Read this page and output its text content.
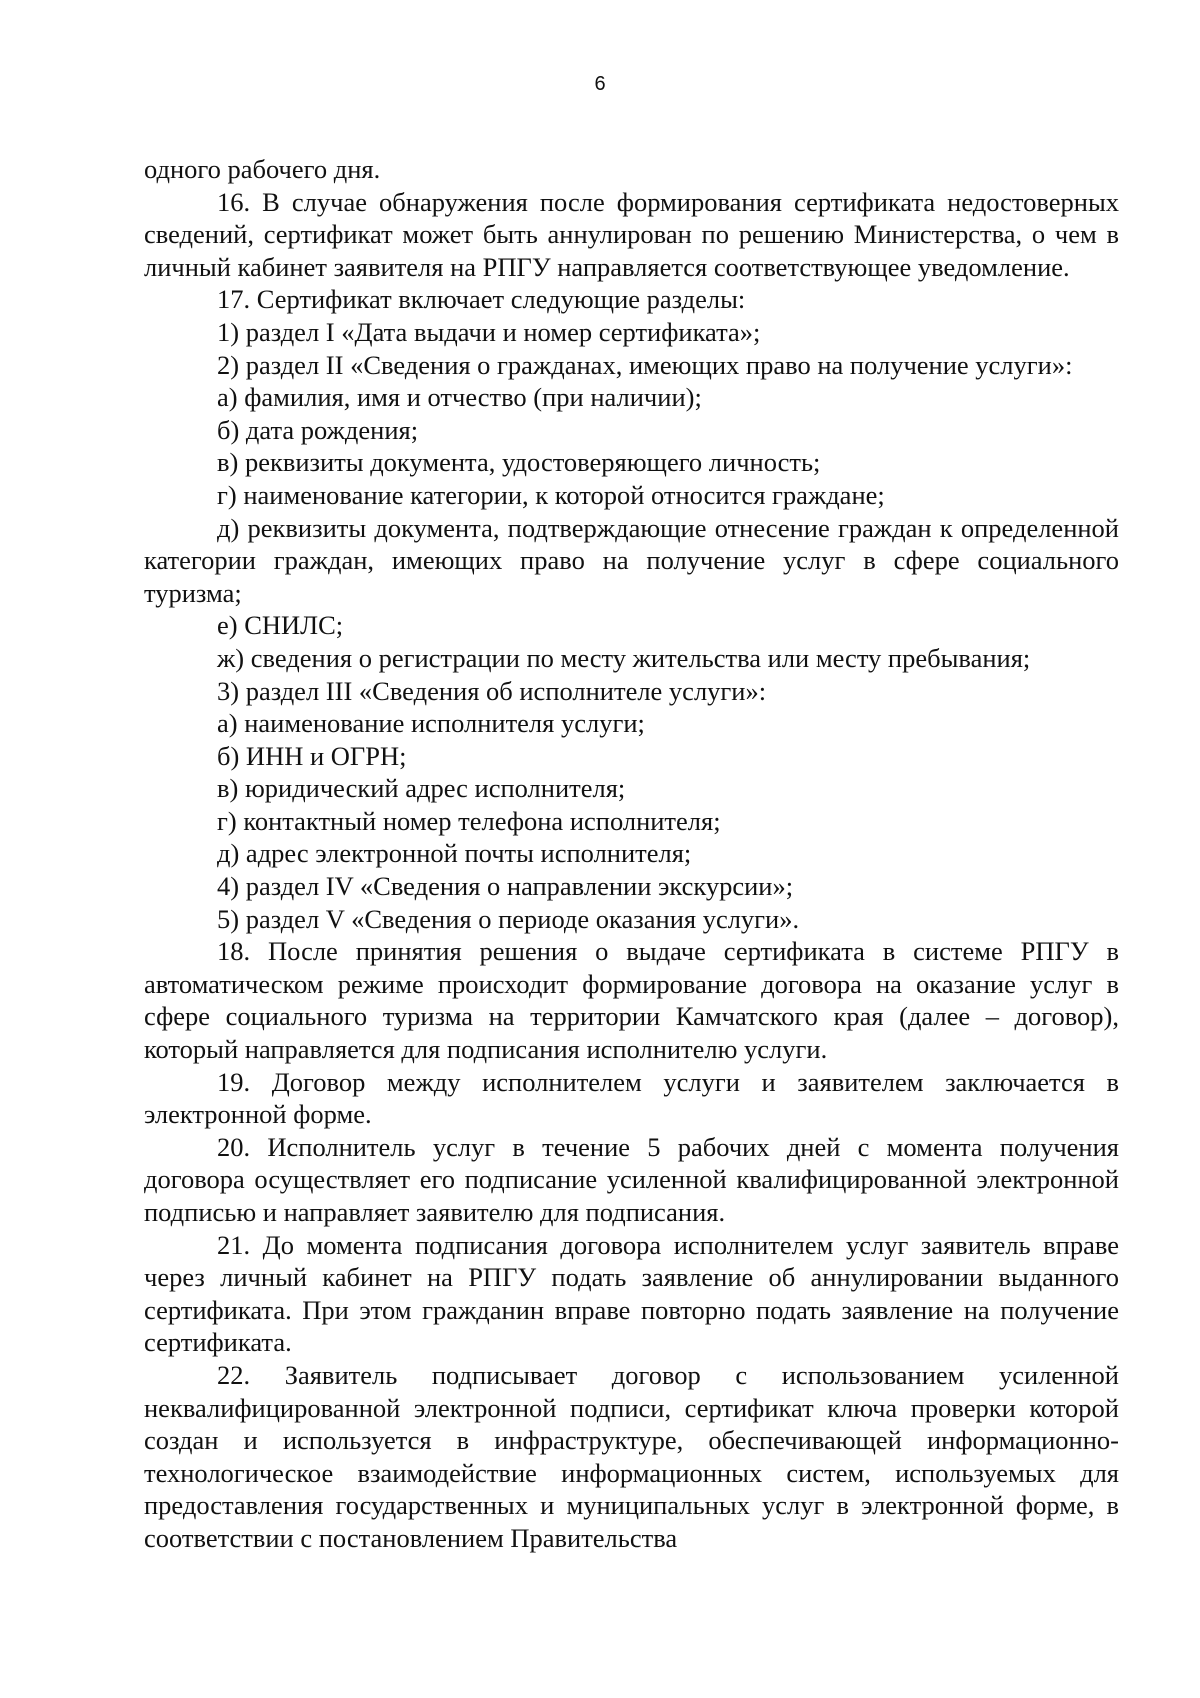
6

одного рабочего дня.

16. В случае обнаружения после формирования сертификата недостоверных сведений, сертификат может быть аннулирован по решению Министерства, о чем в личный кабинет заявителя на РПГУ направляется соответствующее уведомление.

17. Сертификат включает следующие разделы:

1) раздел I «Дата выдачи и номер сертификата»;

2) раздел II «Сведения о гражданах, имеющих право на получение услуги»:

а) фамилия, имя и отчество (при наличии);

б) дата рождения;

в) реквизиты документа, удостоверяющего личность;

г) наименование категории, к которой относится граждане;

д) реквизиты документа, подтверждающие отнесение граждан к определенной категории граждан, имеющих право на получение услуг в сфере социального туризма;

е) СНИЛС;

ж) сведения о регистрации по месту жительства или месту пребывания;

3) раздел III «Сведения об исполнителе услуги»:

а) наименование исполнителя услуги;

б) ИНН и ОГРН;

в) юридический адрес исполнителя;

г) контактный номер телефона исполнителя;

д) адрес электронной почты исполнителя;

4) раздел IV «Сведения о направлении экскурсии»;

5) раздел V «Сведения о периоде оказания услуги».

18. После принятия решения о выдаче сертификата в системе РПГУ в автоматическом режиме происходит формирование договора на оказание услуг в сфере социального туризма на территории Камчатского края (далее – договор), который направляется для подписания исполнителю услуги.

19. Договор между исполнителем услуги и заявителем заключается в электронной форме.

20. Исполнитель услуг в течение 5 рабочих дней с момента получения договора осуществляет его подписание усиленной квалифицированной электронной подписью и направляет заявителю для подписания.

21. До момента подписания договора исполнителем услуг заявитель вправе через личный кабинет на РПГУ подать заявление об аннулировании выданного сертификата. При этом гражданин вправе повторно подать заявление на получение сертификата.

22. Заявитель подписывает договор с использованием усиленной неквалифицированной электронной подписи, сертификат ключа проверки которой создан и используется в инфраструктуре, обеспечивающей информационно-технологическое взаимодействие информационных систем, используемых для предоставления государственных и муниципальных услуг в электронной форме, в соответствии с постановлением Правительства
